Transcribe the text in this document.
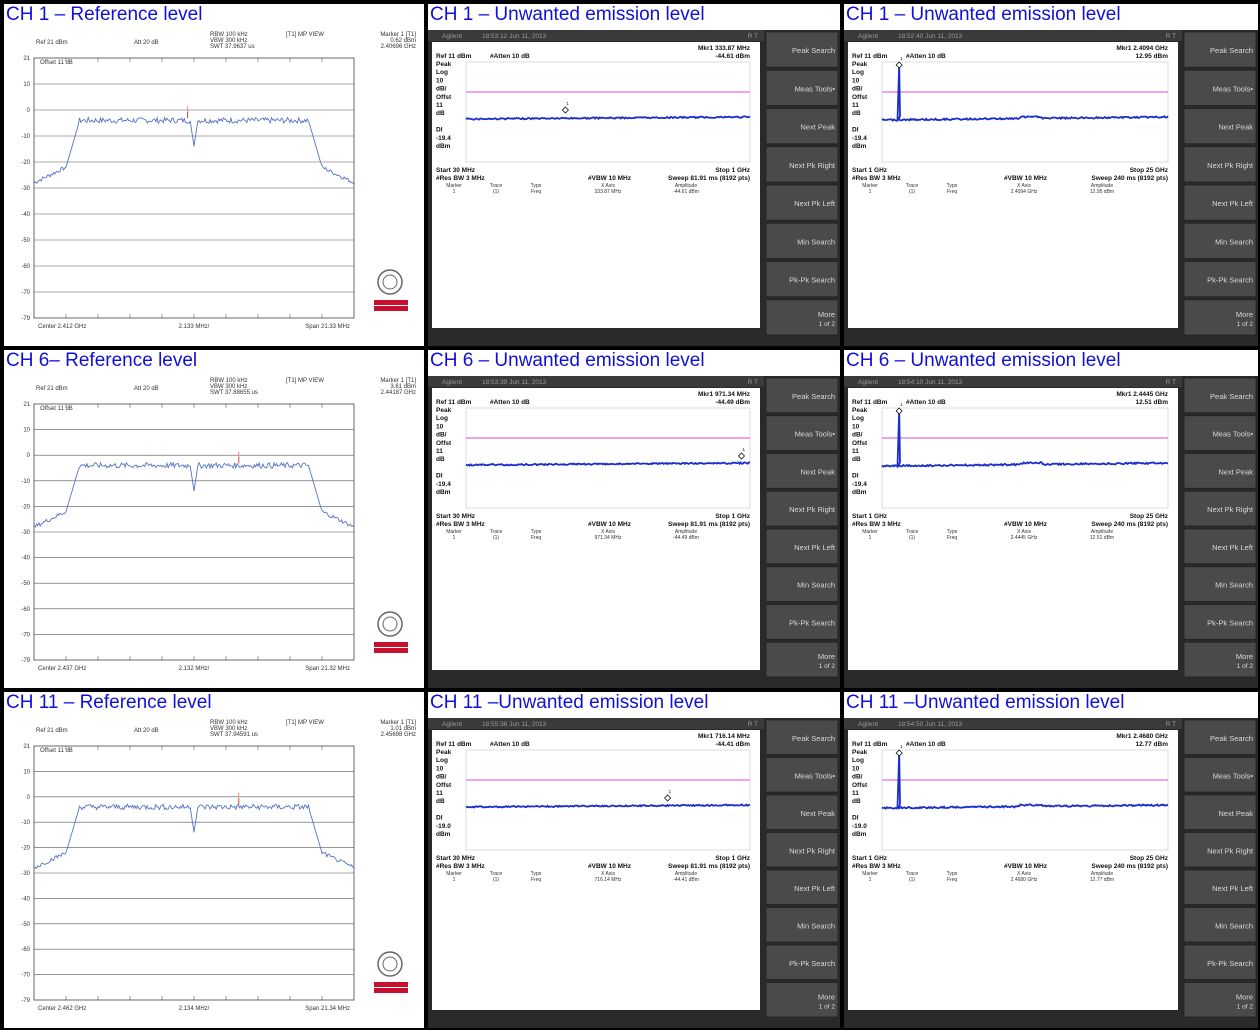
CH 1 – Reference level
Ref 21 dBm	Att 20 dB
RBW 100 kHz
VBW 300 kHz
SWT 37.9637 us
[T1] MP VIEW	Marker 1 [T1]
0.62 dBm
2.40696 GHz
21
10
0
-10
-20
-30
-40
-50
-60
-70
-79
Offset 11 dB
1
Center 2.412 GHz	2.133 MHz/	Span 21.33 MHz
CH 1 – Unwanted emission level
Agilent	18:53:12 Jun 11, 2013	R T
Mkr1 333.87 MHz
-44.61 dBm
Ref 11 dBm	#Atten 10 dB
Peak
Log
10
dB/
Offst
11
dB
DI
-19.4
dBm
1
Start 30 MHz	Stop 1 GHz
#Res BW 3 MHz	#VBW 10 MHz	Sweep 81.91 ms (8192 pts)
Marker	Trace	Type	X Axis	Amplitude
1	(1)	Freq	333.87 MHz	-44.61 dBm
Peak Search
Meas Tools•
Next Peak
Next Pk Right
Next Pk Left
Min Search
Pk-Pk Search
More
1 of 2
CH 1 – Unwanted emission level
Agilent	18:52:40 Jun 11, 2013	R T
Mkr1 2.4094 GHz
12.95 dBm
Ref 11 dBm	#Atten 10 dB
Peak
Log
10
dB/
Offst
11
dB
DI
-19.4
dBm
1
Start 1 GHz	Stop 25 GHz
#Res BW 3 MHz	#VBW 10 MHz	Sweep 240 ms (8192 pts)
Marker	Trace	Type	X Axis	Amplitude
1	(1)	Freq	2.4094 GHz	12.95 dBm
Peak Search
Meas Tools•
Next Peak
Next Pk Right
Next Pk Left
Min Search
Pk-Pk Search
More
1 of 2
CH 6– Reference level
Ref 21 dBm	Att 20 dB
RBW 100 kHz
VBW 300 kHz
SWT 37.88655 us
[T1] MP VIEW	Marker 1 [T1]
3.61 dBm
2.44187 GHz
21
10
0
-10
-20
-30
-40
-50
-60
-70
-79
Offset 11 dB
1
Center 2.437 GHz	2.132 MHz/	Span 21.32 MHz
CH 6 – Unwanted emission level
Agilent	18:53:39 Jun 11, 2013	R T
Mkr1 971.34 MHz
-44.49 dBm
Ref 11 dBm	#Atten 10 dB
Peak
Log
10
dB/
Offst
11
dB
DI
-19.4
dBm
1
Start 30 MHz	Stop 1 GHz
#Res BW 3 MHz	#VBW 10 MHz	Sweep 81.91 ms (8192 pts)
Marker	Trace	Type	X Axis	Amplitude
1	(1)	Freq	971.34 MHz	-44.49 dBm
Peak Search
Meas Tools•
Next Peak
Next Pk Right
Next Pk Left
Min Search
Pk-Pk Search
More
1 of 2
CH 6 – Unwanted emission level
Agilent	18:54:10 Jun 11, 2013	R T
Mkr1 2.4445 GHz
12.51 dBm
Ref 11 dBm	#Atten 10 dB
Peak
Log
10
dB/
Offst
11
dB
DI
-19.4
dBm
1
Start 1 GHz	Stop 25 GHz
#Res BW 3 MHz	#VBW 10 MHz	Sweep 240 ms (8192 pts)
Marker	Trace	Type	X Axis	Amplitude
1	(1)	Freq	2.4445 GHz	12.51 dBm
Peak Search
Meas Tools•
Next Peak
Next Pk Right
Next Pk Left
Min Search
Pk-Pk Search
More
1 of 2
CH 11 – Reference level
Ref 21 dBm	Att 20 dB
RBW 100 kHz
VBW 300 kHz
SWT 37.94591 us
[T1] MP VIEW	Marker 1 [T1]
1.01 dBm
2.45698 GHz
21
10
0
-10
-20
-30
-40
-50
-60
-70
-79
Offset 11 dB
1
Center 2.462 GHz	2.134 MHz/	Span 21.34 MHz
CH 11 –Unwanted emission level
Agilent	18:55:36 Jun 11, 2013	R T
Mkr1 716.14 MHz
-44.41 dBm
Ref 11 dBm	#Atten 10 dB
Peak
Log
10
dB/
Offst
11
dB
DI
-19.0
dBm
1
Start 30 MHz	Stop 1 GHz
#Res BW 3 MHz	#VBW 10 MHz	Sweep 81.91 ms (8192 pts)
Marker	Trace	Type	X Axis	Amplitude
1	(1)	Freq	716.14 MHz	-44.41 dBm
Peak Search
Meas Tools•
Next Peak
Next Pk Right
Next Pk Left
Min Search
Pk-Pk Search
More
1 of 2
CH 11 –Unwanted emission level
Agilent	18:54:50 Jun 11, 2013	R T
Mkr1 2.4680 GHz
12.77 dBm
Ref 11 dBm	#Atten 10 dB
Peak
Log
10
dB/
Offst
11
dB
DI
-19.0
dBm
1
Start 1 GHz	Stop 25 GHz
#Res BW 3 MHz	#VBW 10 MHz	Sweep 240 ms (8192 pts)
Marker	Trace	Type	X Axis	Amplitude
1	(1)	Freq	2.4680 GHz	12.77 dBm
Peak Search
Meas Tools•
Next Peak
Next Pk Right
Next Pk Left
Min Search
Pk-Pk Search
More
1 of 2
